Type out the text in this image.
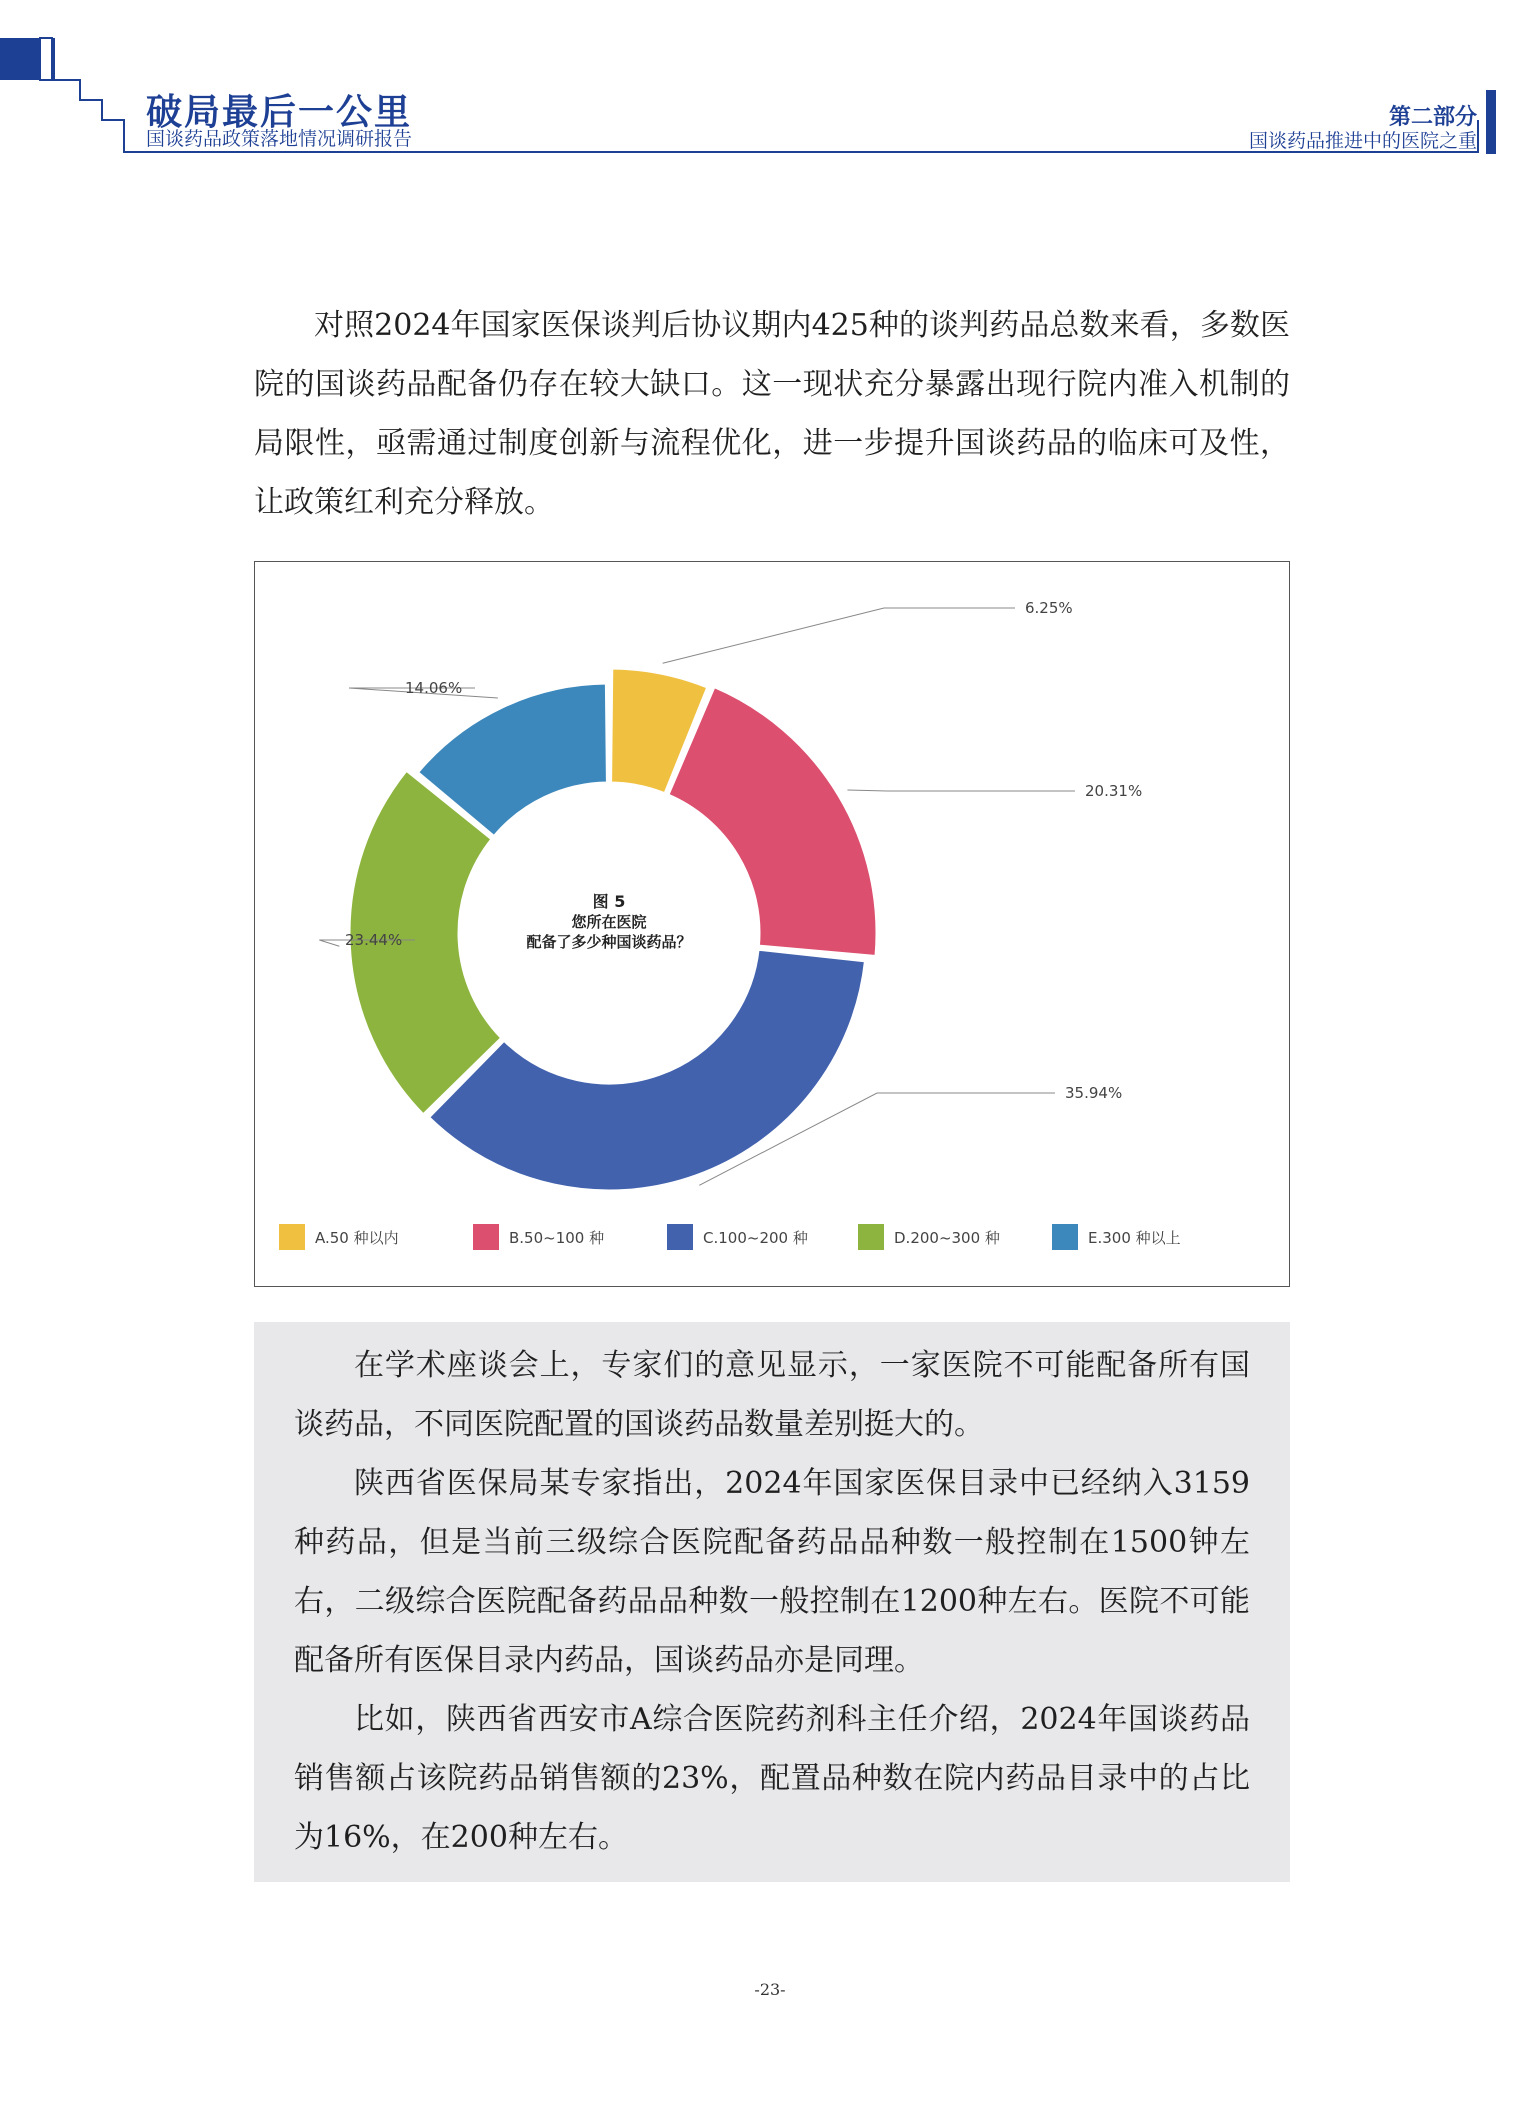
破局最后一公里
国谈药品政策落地情况调研报告
第二部分
国谈药品推进中的医院之重

对照2024年国家医保谈判后协议期内425种的谈判药品总数来看，多数医院的国谈药品配备仍存在较大缺口。这一现状充分暴露出现行院内准入机制的局限性，亟需通过制度创新与流程优化，进一步提升国谈药品的临床可及性，让政策红利充分释放。

6.25%
20.31%
35.94%
23.44%
14.06%
图 5
您所在医院
配备了多少种国谈药品？
A.50 种以内	B.50~100 种	C.100~200 种	D.200~300 种	E.300 种以上

在学术座谈会上，专家们的意见显示，一家医院不可能配备所有国谈药品，不同医院配置的国谈药品数量差别挺大的。

陕西省医保局某专家指出，2024年国家医保目录中已经纳入3159种药品，但是当前三级综合医院配备药品品种数一般控制在1500钟左右，二级综合医院配备药品品种数一般控制在1200种左右。医院不可能配备所有医保目录内药品，国谈药品亦是同理。

比如，陕西省西安市A综合医院药剂科主任介绍，2024年国谈药品销售额占该院药品销售额的23%，配置品种数在院内药品目录中的占比为16%，在200种左右。

-23-
